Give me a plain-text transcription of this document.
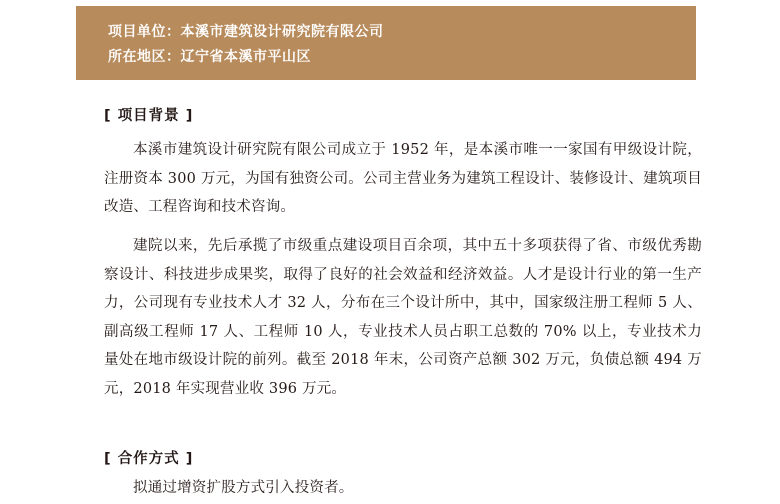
项目单位：本溪市建筑设计研究院有限公司
所在地区：辽宁省本溪市平山区
[ 项目背景 ]

本溪市建筑设计研究院有限公司成立于 1952 年，是本溪市唯一一家国有甲级设计院，注册资本 300 万元，为国有独资公司。公司主营业务为建筑工程设计、装修设计、建筑项目改造、工程咨询和技术咨询。

建院以来，先后承揽了市级重点建设项目百余项，其中五十多项获得了省、市级优秀勘察设计、科技进步成果奖，取得了良好的社会效益和经济效益。人才是设计行业的第一生产力，公司现有专业技术人才 32 人，分布在三个设计所中，其中，国家级注册工程师 5 人、副高级工程师 17 人、工程师 10 人，专业技术人员占职工总数的 70% 以上，专业技术力量处在地市级设计院的前列。截至 2018 年末，公司资产总额 302 万元，负债总额 494 万元，2018 年实现营业收 396 万元。

[ 合作方式 ]

拟通过增资扩股方式引入投资者。
